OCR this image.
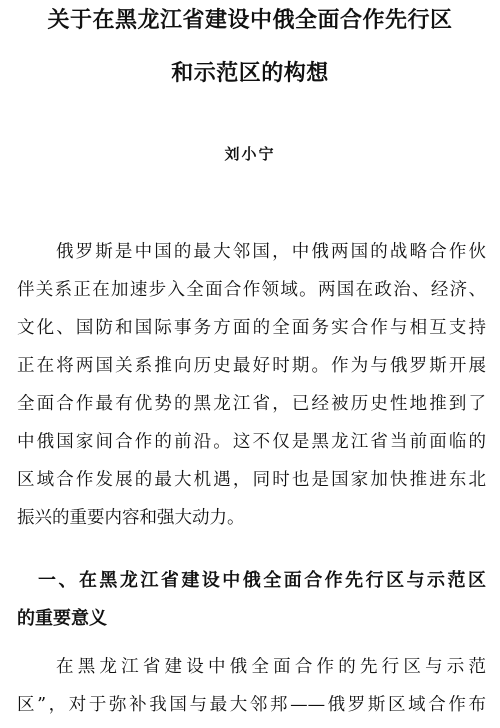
关于在黑龙江省建设中俄全面合作先行区
和示范区的构想
刘小宁
俄罗斯是中国的最大邻国，中俄两国的战略合作伙
伴关系正在加速步入全面合作领域。两国在政治、经济、
文化、国防和国际事务方面的全面务实合作与相互支持
正在将两国关系推向历史最好时期。作为与俄罗斯开展
全面合作最有优势的黑龙江省，已经被历史性地推到了
中俄国家间合作的前沿。这不仅是黑龙江省当前面临的
区域合作发展的最大机遇，同时也是国家加快推进东北
振兴的重要内容和强大动力。
一、在黑龙江省建设中俄全面合作先行区与示范区
的重要意义
在黑龙江省建设中俄全面合作的先行区与示范
区”，对于弥补我国与最大邻邦——俄罗斯区域合作布
